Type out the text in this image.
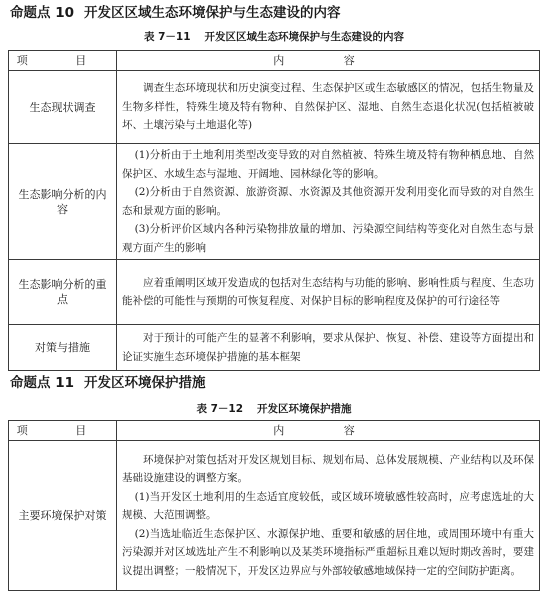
命题点 10 开发区区域生态环境保护与生态建设的内容
表 7－11 开发区区域生态环境保护与生态建设的内容
项 目	内 容
生态现状调查	调查生态环境现状和历史演变过程、生态保护区或生态敏感区的情况，包括生物量及生物多样性，特殊生境及特有物种、自然保护区、湿地、自然生态退化状况(包括植被破坏、土壤污染与土地退化等)

生态影响分析的内容	(1)分析由于土地利用类型改变导致的对自然植被、特殊生境及特有物种栖息地、自然保护区、水域生态与湿地、开阔地、园林绿化等的影响。

(2)分析由于自然资源、旅游资源、水资源及其他资源开发利用变化而导致的对自然生态和景观方面的影响。

(3)分析评价区域内各种污染物排放量的增加、污染源空间结构等变化对自然生态与景观方面产生的影响

生态影响分析的重点	应着重阐明区域开发造成的包括对生态结构与功能的影响、影响性质与程度、生态功能补偿的可能性与预期的可恢复程度、对保护目标的影响程度及保护的可行途径等

对策与措施	对于预计的可能产生的显著不利影响，要求从保护、恢复、补偿、建设等方面提出和论证实施生态环境保护措施的基本框架

命题点 11 开发区环境保护措施
表 7－12 开发区环境保护措施
项 目	内 容
主要环境保护对策	环境保护对策包括对开发区规划目标、规划布局、总体发展规模、产业结构以及环保基础设施建设的调整方案。

(1)当开发区土地利用的生态适宜度较低，或区域环境敏感性较高时，应考虑选址的大规模、大范围调整。

(2)当选址临近生态保护区、水源保护地、重要和敏感的居住地，或周围环境中有重大污染源并对区域选址产生不利影响以及某类环境指标严重超标且难以短时期改善时，要建议提出调整；一般情况下，开发区边界应与外部较敏感地域保持一定的空间防护距离。
